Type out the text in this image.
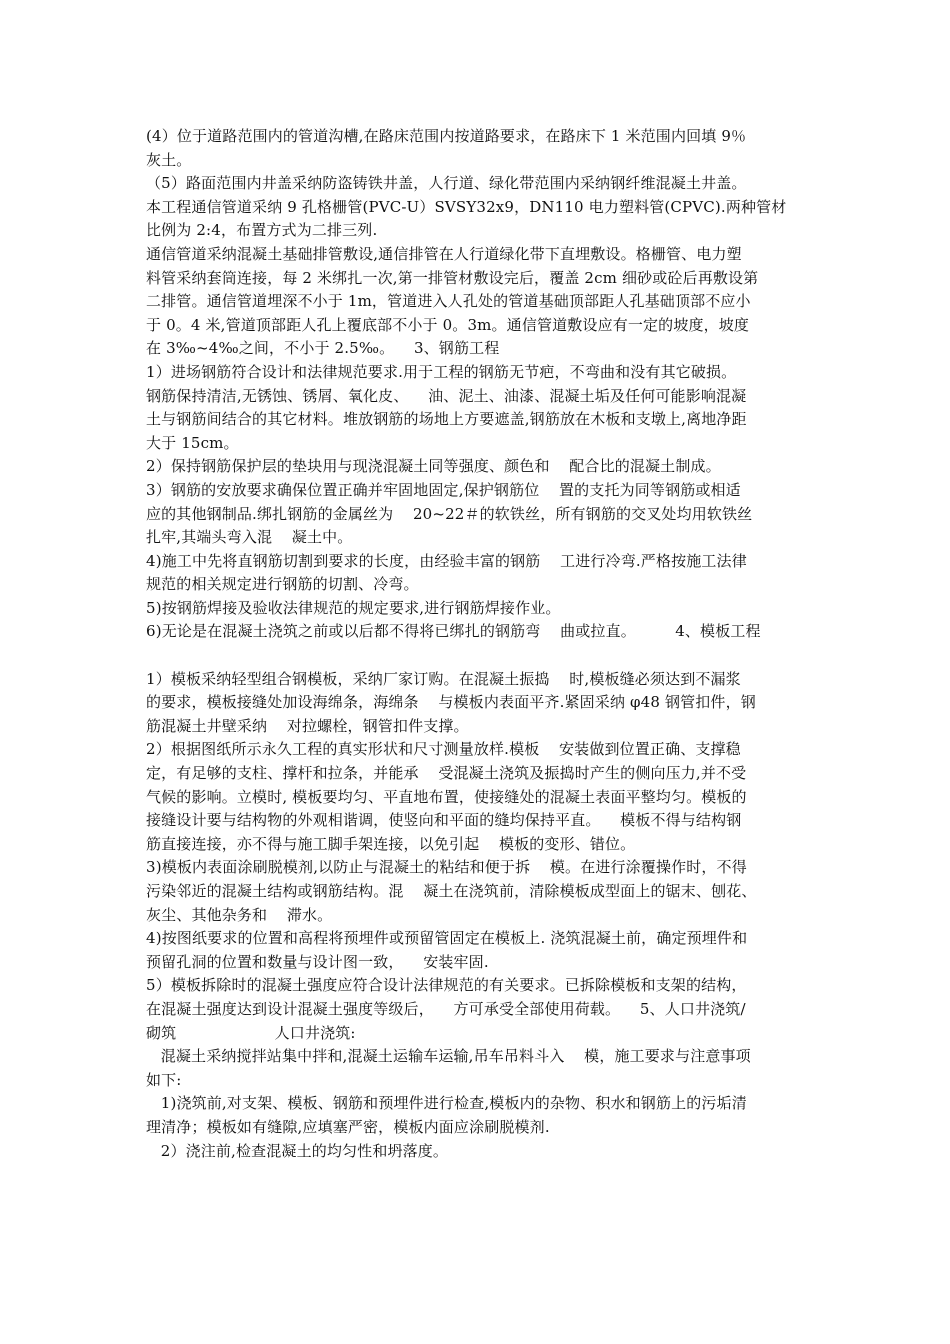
(4）位于道路范围内的管道沟槽,在路床范围内按道路要求，在路床下 1 米范围内回填 9％
灰土。
（5）路面范围内井盖采纳防盗铸铁井盖，人行道、绿化带范围内采纳钢纤维混凝土井盖。
本工程通信管道采纳 9 孔格栅管(PVC-U）SVSY32x9，DN110 电力塑料管(CPVC).两种管材
比例为 2:4，布置方式为二排三列.
通信管道采纳混凝土基础排管敷设,通信排管在人行道绿化带下直埋敷设。格栅管、电力塑
料管采纳套筒连接，每 2 米绑扎一次,第一排管材敷设完后，覆盖 2cm 细砂或砼后再敷设第
二排管。通信管道埋深不小于 1m，管道进入人孔处的管道基础顶部距人孔基础顶部不应小
于 0。4 米,管道顶部距人孔上覆底部不小于 0。3m。通信管道敷设应有一定的坡度，坡度
在 3‰~4‰之间，不小于 2.5‰。    3、钢筋工程
1）进场钢筋符合设计和法律规范要求.用于工程的钢筋无节疤，不弯曲和没有其它破损。
钢筋保持清洁,无锈蚀、锈屑、氧化皮、    油、泥土、油漆、混凝土垢及任何可能影响混凝
土与钢筋间结合的其它材料。堆放钢筋的场地上方要遮盖,钢筋放在木板和支墩上,离地净距
大于 15cm。
2）保持钢筋保护层的垫块用与现浇混凝土同等强度、颜色和    配合比的混凝土制成。
3）钢筋的安放要求确保位置正确并牢固地固定,保护钢筋位    置的支托为同等钢筋或相适
应的其他钢制品.绑扎钢筋的金属丝为    20~22＃的软铁丝，所有钢筋的交叉处均用软铁丝
扎牢,其端头弯入混    凝土中。
4)施工中先将直钢筋切割到要求的长度，由经验丰富的钢筋    工进行冷弯.严格按施工法律
规范的相关规定进行钢筋的切割、冷弯。
5)按钢筋焊接及验收法律规范的规定要求,进行钢筋焊接作业。
6)无论是在混凝土浇筑之前或以后都不得将已绑扎的钢筋弯    曲或拉直。        4、模板工程
1）模板采纳轻型组合钢模板，采纳厂家订购。在混凝土振捣    时,模板缝必须达到不漏浆
的要求，模板接缝处加设海绵条，海绵条    与模板内表面平齐.紧固采纳 φ48 钢管扣件，钢
筋混凝土井壁采纳    对拉螺栓，钢管扣件支撑。
2）根据图纸所示永久工程的真实形状和尺寸测量放样.模板    安装做到位置正确、支撑稳
定，有足够的支柱、撑杆和拉条，并能承    受混凝土浇筑及振捣时产生的侧向压力,并不受
气候的影响。立模时, 模板要均匀、平直地布置，使接缝处的混凝土表面平整均匀。模板的
接缝设计要与结构物的外观相谐调，使竖向和平面的缝均保持平直。    模板不得与结构钢
筋直接连接，亦不得与施工脚手架连接，以免引起    模板的变形、错位。
3)模板内表面涂刷脱模剂,以防止与混凝土的粘结和便于拆    模。在进行涂覆操作时，不得
污染邻近的混凝土结构或钢筋结构。混    凝土在浇筑前，清除模板成型面上的锯末、刨花、
灰尘、其他杂务和    滞水。
4)按图纸要求的位置和高程将预埋件或预留管固定在模板上. 浇筑混凝土前，确定预埋件和
预留孔洞的位置和数量与设计图一致，    安装牢固.
5）模板拆除时的混凝土强度应符合设计法律规范的有关要求。已拆除模板和支架的结构，
在混凝土强度达到设计混凝土强度等级后，    方可承受全部使用荷载。    5、人口井浇筑/
砌筑                    人口井浇筑:
混凝土采纳搅拌站集中拌和,混凝土运输车运输,吊车吊料斗入    模，施工要求与注意事项
如下:
1)浇筑前,对支架、模板、钢筋和预埋件进行检查,模板内的杂物、积水和钢筋上的污垢清
理清净；模板如有缝隙,应填塞严密，模板内面应涂刷脱模剂.
2）浇注前,检查混凝土的均匀性和坍落度。
